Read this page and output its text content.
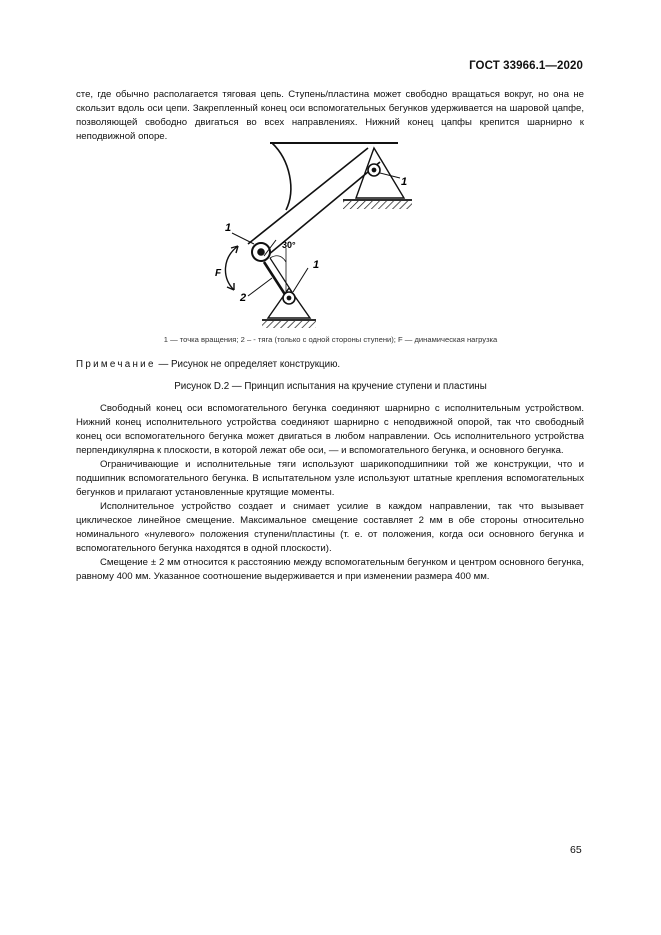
ГОСТ 33966.1—2020

сте, где обычно располагается тяговая цепь. Ступень/пластина может свободно вращаться вокруг, но она не скользит вдоль оси цепи. Закрепленный конец оси вспомогательных бегунков удерживается на шаровой цапфе, позволяющей свободно двигаться во всех направлениях. Нижний конец цапфы крепится шарнирно к неподвижной опоре.

1
2
1
1
F
30°
1 — точка вращения; 2 – - тяга (только с одной стороны ступени); F — динамическая нагрузка
Примечание — Рисунок не определяет конструкцию.
Рисунок D.2 — Принцип испытания на кручение ступени и пластины

Свободный конец оси вспомогательного бегунка соединяют шарнирно с исполнительным устройством. Нижний конец исполнительного устройства соединяют шарнирно с неподвижной опорой, так что свободный конец оси вспомогательного бегунка может двигаться в любом направлении. Ось исполнительного устройства перпендикулярна к плоскости, в которой лежат обе оси, — и вспомогательного бегунка, и основного бегунка.

Ограничивающие и исполнительные тяги используют шарикоподшипники той же конструкции, что и подшипник вспомогательного бегунка. В испытательном узле используют штатные крепления вспомогательных бегунков и прилагают установленные крутящие моменты.

Исполнительное устройство создает и снимает усилие в каждом направлении, так что вызывает циклическое линейное смещение. Максимальное смещение составляет 2 мм в обе стороны относительно номинального «нулевого» положения ступени/пластины (т. е. от положения, когда оси основного бегунка и вспомогательного бегунка находятся в одной плоскости).

Смещение ± 2 мм относится к расстоянию между вспомогательным бегунком и центром основного бегунка, равному 400 мм. Указанное соотношение выдерживается и при изменении размера 400 мм.

65
